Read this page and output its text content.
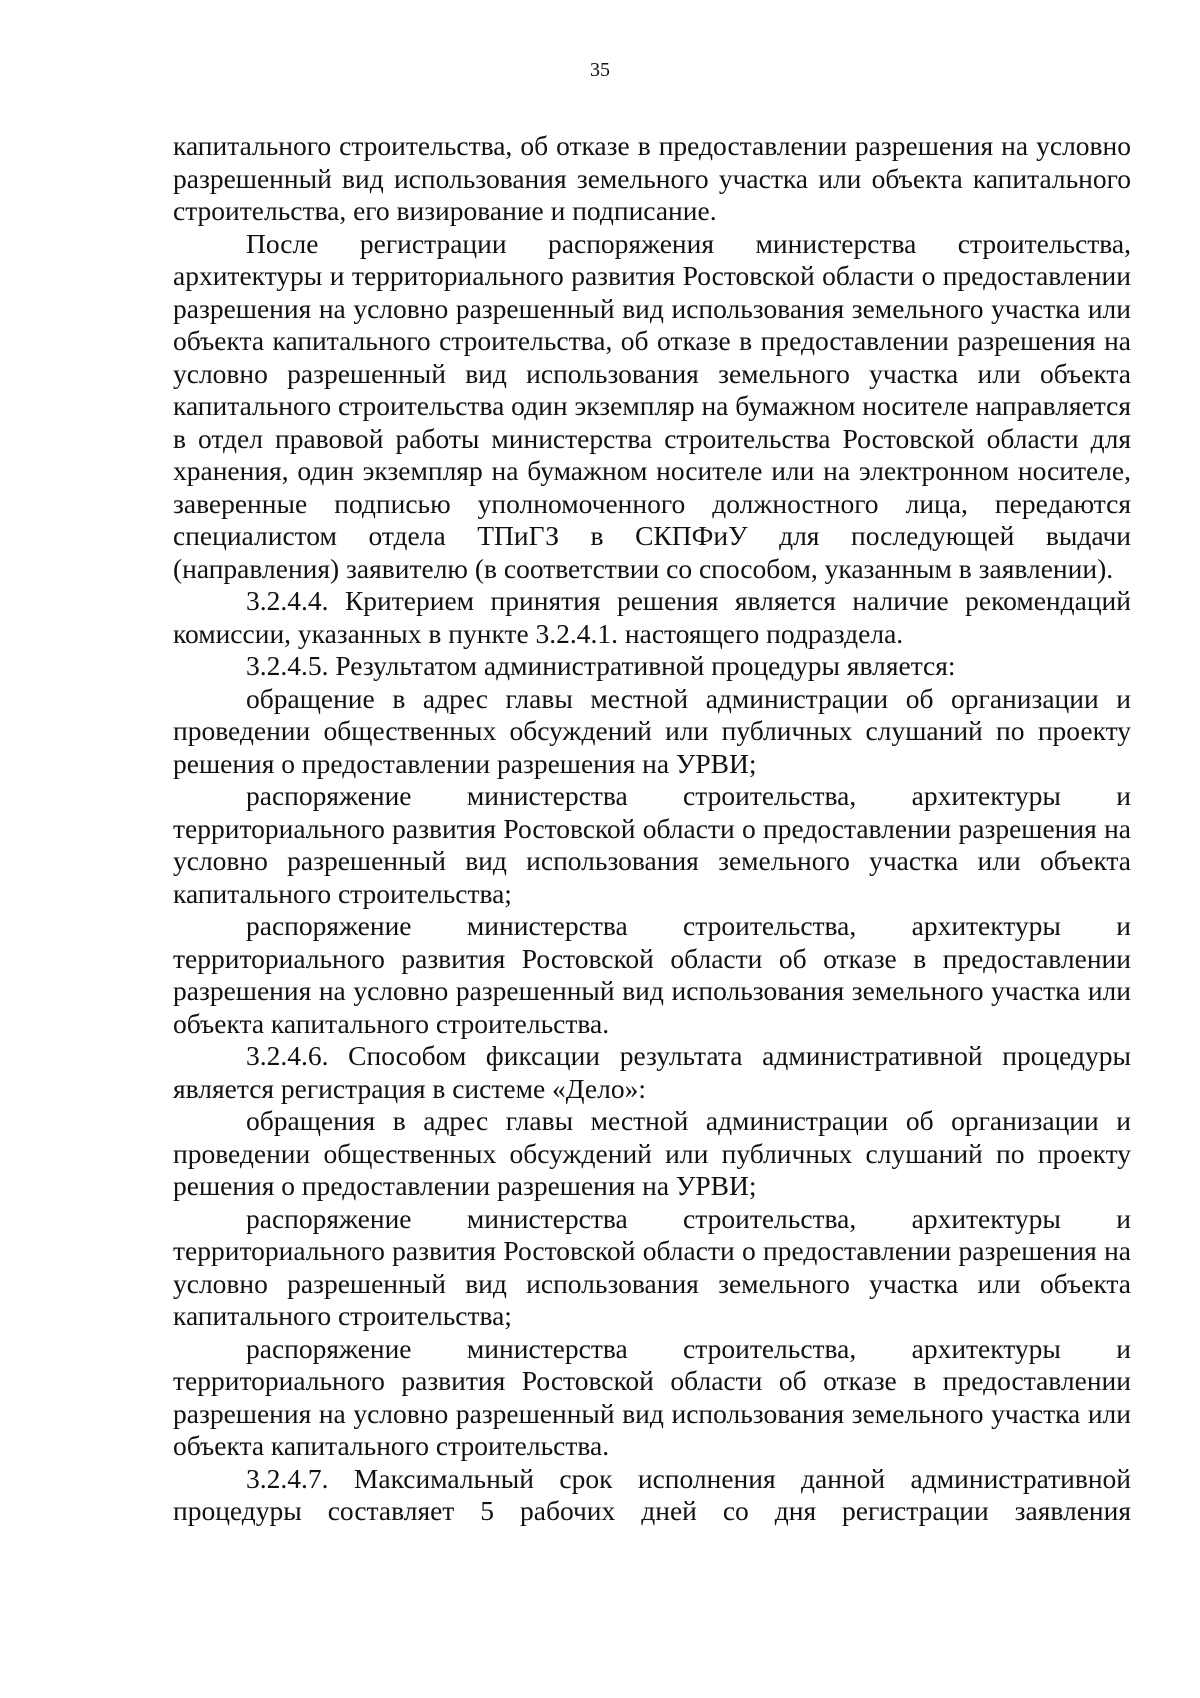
35

капитального строительства, об отказе в предоставлении разрешения на условно разрешенный вид использования земельного участка или объекта капитального строительства, его визирование и подписание.

После регистрации распоряжения министерства строительства, архитектуры и территориального развития Ростовской области о предоставлении разрешения на условно разрешенный вид использования земельного участка или объекта капитального строительства, об отказе в предоставлении разрешения на условно разрешенный вид использования земельного участка или объекта капитального строительства один экземпляр на бумажном носителе направляется в отдел правовой работы министерства строительства Ростовской области для хранения, один экземпляр на бумажном носителе или на электронном носителе, заверенные подписью уполномоченного должностного лица, передаются специалистом отдела ТПиГЗ в СКПФиУ для последующей выдачи (направления) заявителю (в соответствии со способом, указанным в заявлении).

3.2.4.4. Критерием принятия решения является наличие рекомендаций комиссии, указанных в пункте 3.2.4.1. настоящего подраздела.

3.2.4.5. Результатом административной процедуры является:

обращение в адрес главы местной администрации об организации и проведении общественных обсуждений или публичных слушаний по проекту решения о предоставлении разрешения на УРВИ;

распоряжение министерства строительства, архитектуры и территориального развития Ростовской области о предоставлении разрешения на условно разрешенный вид использования земельного участка или объекта капитального строительства;

распоряжение министерства строительства, архитектуры и территориального развития Ростовской области об отказе в предоставлении разрешения на условно разрешенный вид использования земельного участка или объекта капитального строительства.

3.2.4.6. Способом фиксации результата административной процедуры является регистрация в системе «Дело»:

обращения в адрес главы местной администрации об организации и проведении общественных обсуждений или публичных слушаний по проекту решения о предоставлении разрешения на УРВИ;

распоряжение министерства строительства, архитектуры и территориального развития Ростовской области о предоставлении разрешения на условно разрешенный вид использования земельного участка или объекта капитального строительства;

распоряжение министерства строительства, архитектуры и территориального развития Ростовской области об отказе в предоставлении разрешения на условно разрешенный вид использования земельного участка или объекта капитального строительства.

3.2.4.7. Максимальный срок исполнения данной административной процедуры составляет 5 рабочих дней со дня регистрации заявления
